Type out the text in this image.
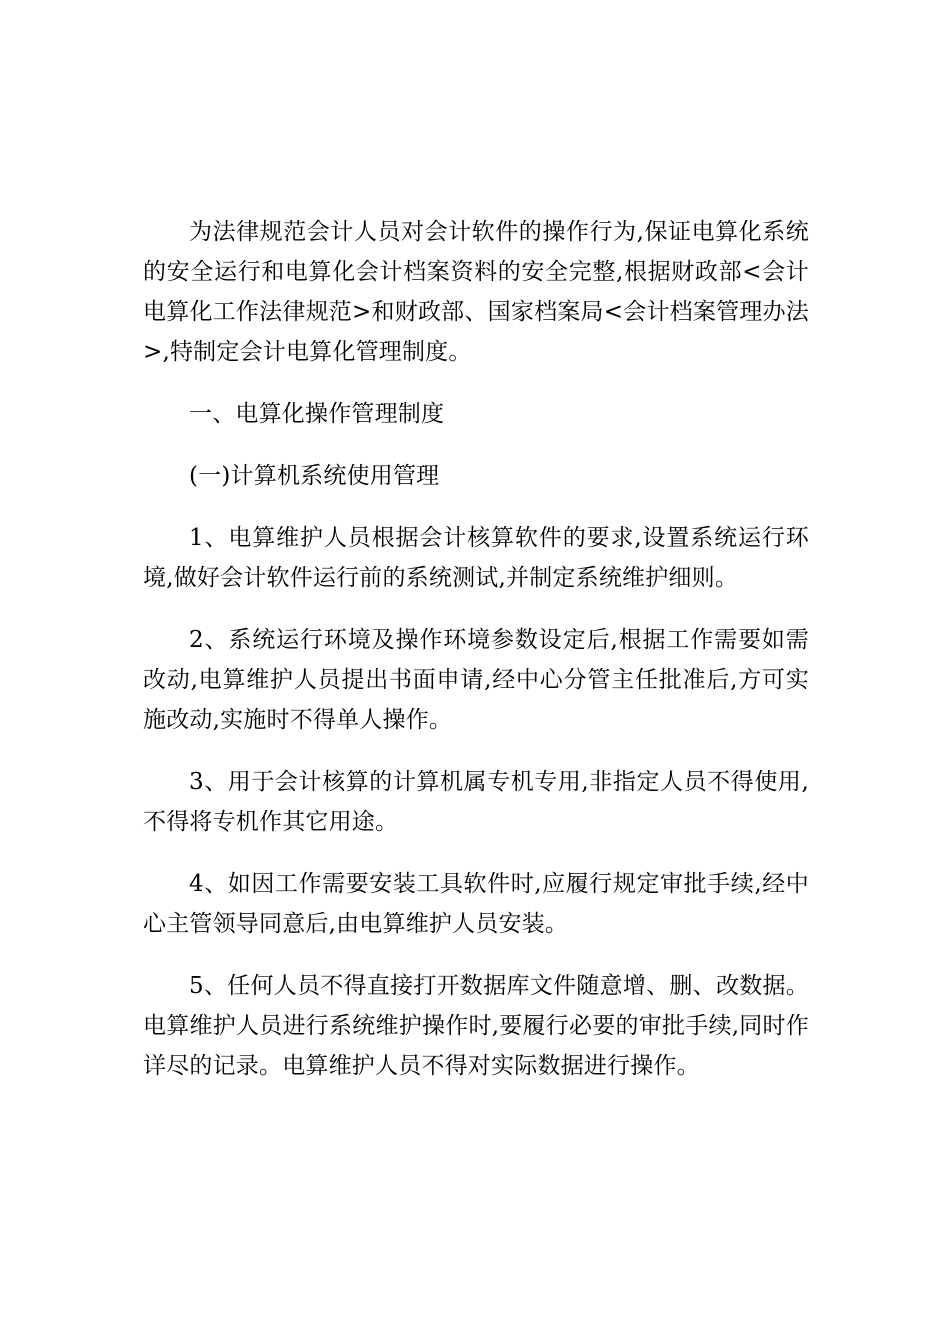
为法律规范会计人员对会计软件的操作行为,保证电算化系统的安全运行和电算化会计档案资料的安全完整,根据财政部<会计电算化工作法律规范>和财政部、国家档案局<会计档案管理办法>,特制定会计电算化管理制度。

一、电算化操作管理制度

(一)计算机系统使用管理

1、电算维护人员根据会计核算软件的要求,设置系统运行环境,做好会计软件运行前的系统测试,并制定系统维护细则。

2、系统运行环境及操作环境参数设定后,根据工作需要如需改动,电算维护人员提出书面申请,经中心分管主任批准后,方可实施改动,实施时不得单人操作。

3、用于会计核算的计算机属专机专用,非指定人员不得使用,不得将专机作其它用途。

4、如因工作需要安装工具软件时,应履行规定审批手续,经中心主管领导同意后,由电算维护人员安装。

5、任何人员不得直接打开数据库文件随意增、删、改数据。电算维护人员进行系统维护操作时,要履行必要的审批手续,同时作详尽的记录。电算维护人员不得对实际数据进行操作。
